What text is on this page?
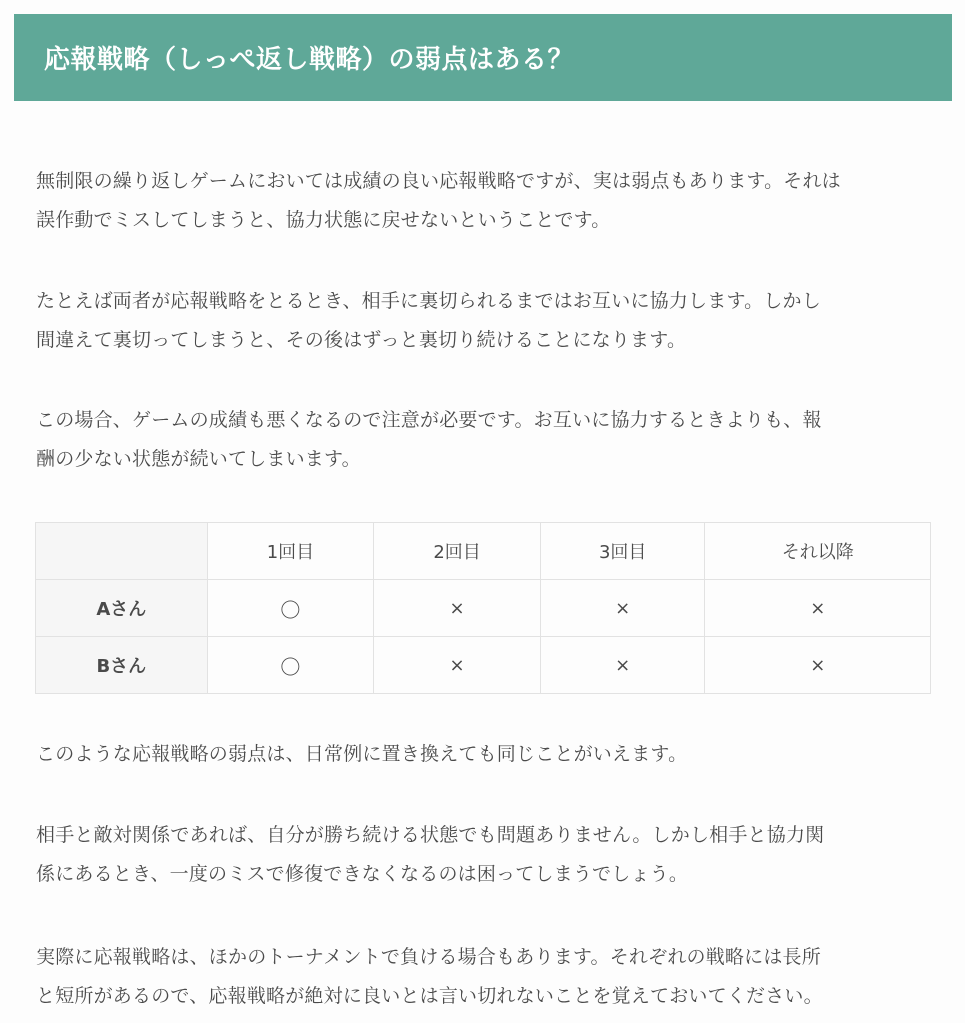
応報戦略（しっぺ返し戦略）の弱点はある？

無制限の繰り返しゲームにおいては成績の良い応報戦略ですが、実は弱点もあります。それは
誤作動でミスしてしまうと、協力状態に戻せないということです。

たとえば両者が応報戦略をとるとき、相手に裏切られるまではお互いに協力します。しかし
間違えて裏切ってしまうと、その後はずっと裏切り続けることになります。

この場合、ゲームの成績も悪くなるので注意が必要です。お互いに協力するときよりも、報
酬の少ない状態が続いてしまいます。

	1回目	2回目	3回目	それ以降
Aさん	〇	×	×	×
Bさん	〇	×	×	×

このような応報戦略の弱点は、日常例に置き換えても同じことがいえます。

相手と敵対関係であれば、自分が勝ち続ける状態でも問題ありません。しかし相手と協力関
係にあるとき、一度のミスで修復できなくなるのは困ってしまうでしょう。

実際に応報戦略は、ほかのトーナメントで負ける場合もあります。それぞれの戦略には長所
と短所があるので、応報戦略が絶対に良いとは言い切れないことを覚えておいてください。
